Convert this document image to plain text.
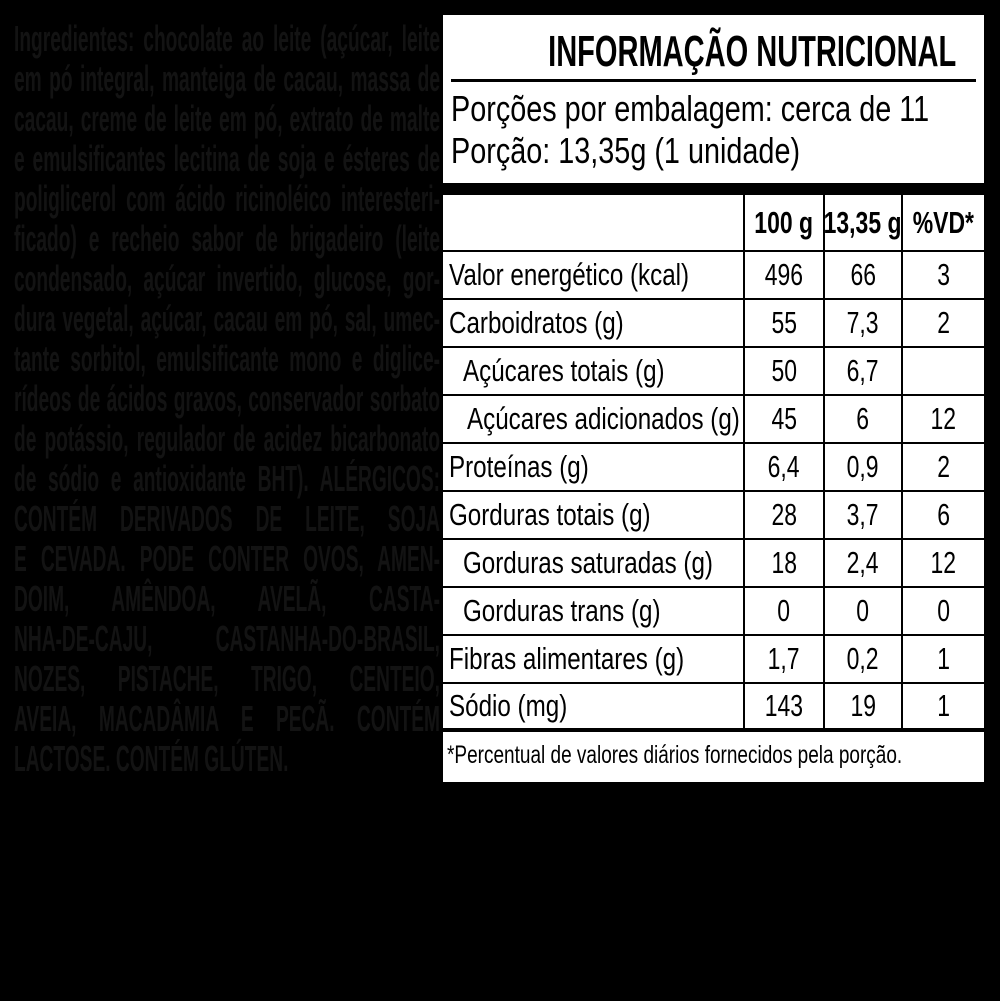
Ingredientes: chocolate ao leite (açúcar, leite
em pó integral, manteiga de cacau, massa de
cacau, creme de leite em pó, extrato de malte
e emulsificantes lecitina de soja e ésteres de
poliglicerol com ácido ricinoléico interesteri-
ficado) e recheio sabor de brigadeiro (leite
condensado, açúcar invertido, glucose, gor-
dura vegetal, açúcar, cacau em pó, sal, umec-
tante sorbitol, emulsificante mono e diglice-
rídeos de ácidos graxos, conservador sorbato
de potássio, regulador de acidez bicarbonato
de sódio e antioxidante BHT). ALÉRGICOS:
CONTÉM DERIVADOS DE LEITE, SOJA
E CEVADA. PODE CONTER OVOS, AMEN-
DOIM, AMÊNDOA, AVELÃ, CASTA-
NHA-DE-CAJU, CASTANHA-DO-BRASIL,
NOZES, PISTACHE, TRIGO, CENTEIO,
AVEIA, MACADÂMIA E PECÃ. CONTÉM
LACTOSE. CONTÉM GLÚTEN.
INFORMAÇÃO NUTRICIONAL
Porções por embalagem: cerca de 11
Porção: 13,35g (1 unidade)
100 g 13,35 g %VD*
Valor energético (kcal) 496 66 3
Carboidratos (g)	55 7,3 2
Açúcares totais (g)	50 6,7
Açúcares adicionados (g) 45 6 12
Proteínas (g)	6,4 0,9 2
Gorduras totais (g)	28 3,7 6
Gorduras saturadas (g) 18 2,4 12
Gorduras trans (g)	0 0 0
Fibras alimentares (g)	1,7 0,2 1
Sódio (mg)	143 19 1
*Percentual de valores diários fornecidos pela porção.
